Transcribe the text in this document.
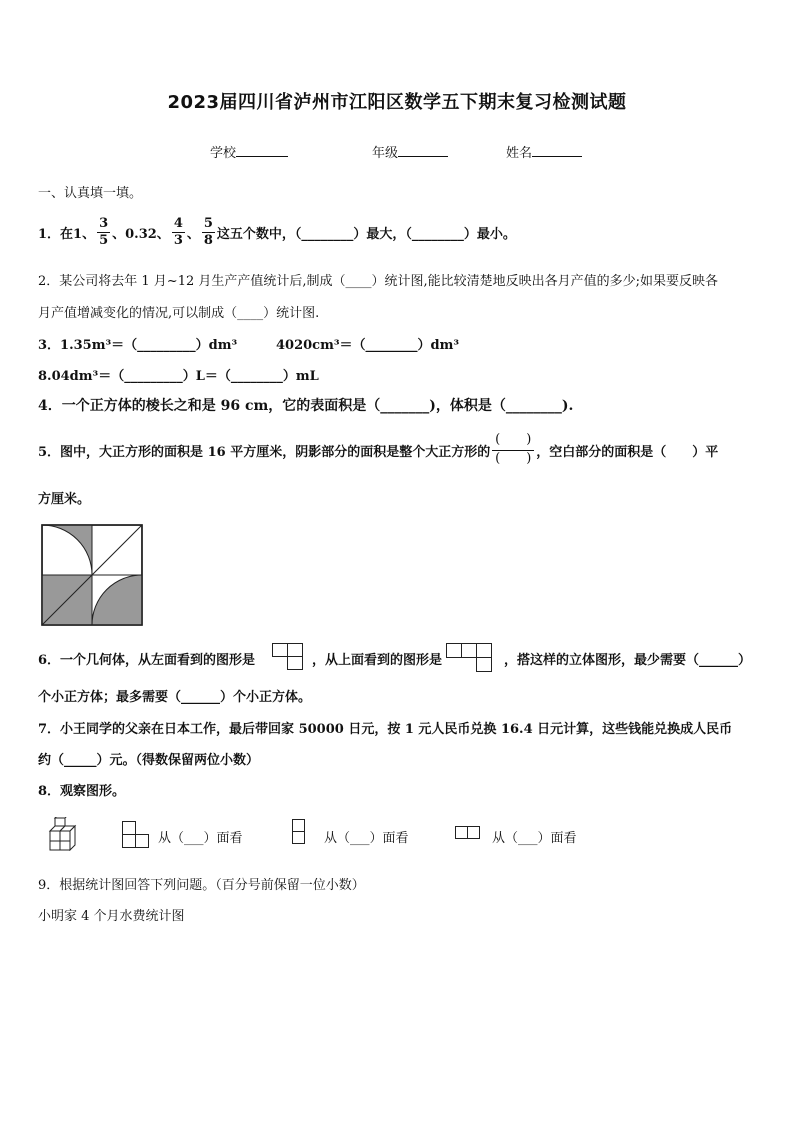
2023届四川省泸州市江阳区数学五下期末复习检测试题
学校	年级	姓名
一、认真填一填。
1．在1、 $\frac{3}{5}$ 、0.32、 $\frac{4}{3}$ 、 $\frac{5}{8}$ 这五个数中，（________）最大，（________）最小。
2．某公司将去年 1 月~12 月生产产值统计后,制成（____）统计图,能比较清楚地反映出各月产值的多少;如果要反映各
月产值增减变化的情况,可以制成（____）统计图.
3．1.35m³＝（_________）dm³	4020cm³＝（________）dm³
8.04dm³＝（_________）L＝（________）mL
4．一个正方体的棱长之和是 96 cm，它的表面积是（_______)，体积是（________).
5．图中，大正方形的面积是 16 平方厘米，阴影部分的面积是整个大正方形的 $\frac{( )}{( )}$ ，空白部分的面积是（　　）平
方厘米。
6．一个几何体，从左面看到的图形是	，从上面看到的图形是	，搭这样的立体图形，最少需要（______）
个小正方体；最多需要（______）个小正方体。
7．小王同学的父亲在日本工作，最后带回家 50000 日元，按 1 元人民币兑换 16.4 日元计算，这些钱能兑换成人民币
约（_____）元。（得数保留两位小数）
8．观察图形。
从（___）面看	从（___）面看	从（___）面看
9．根据统计图回答下列问题。（百分号前保留一位小数）
小明家 4 个月水费统计图
